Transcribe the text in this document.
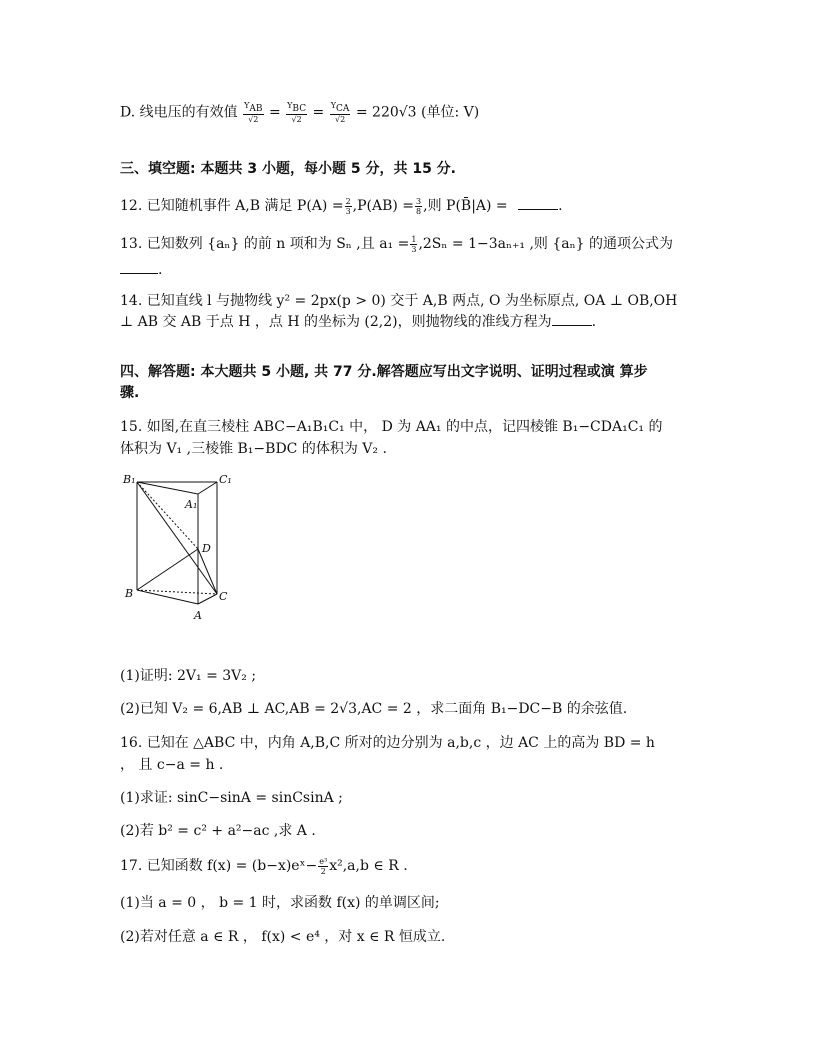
D. 线电压的有效值 $\frac{Y_{AB}}{√2} = \frac{Y_{BC}}{√2} = \frac{Y_{CA}}{√2} = 220√3$ (单位: V)
三、填空题: 本题共 3 小题，每小题 5 分，共 15 分.
12. 已知随机事件 A,B 满足 $P(A) = \frac{2}{3} ,P(AB) = \frac{3}{8}$ ,则 P(B̄|A) =	.
13. 已知数列 {aₙ} 的前 n 项和为 Sₙ ,且 $a_1 = \frac{1}{3} ,2S_n = 1-3a_{n+1}$ ,则 {aₙ} 的通项公式为
.
14. 已知直线 l 与抛物线 y² = 2px(p > 0) 交于 A,B 两点, O 为坐标原点, OA ⊥ OB,OH
⊥ AB 交 AB 于点 H ，点 H 的坐标为 (2,2)，则抛物线的准线方程为	.
四、解答题: 本大题共 5 小题, 共 77 分.解答题应写出文字说明、证明过程或演 算步
骤.
15. 如图,在直三棱柱 ABC−A₁B₁C₁ 中， D 为 AA₁ 的中点，记四棱锥 B₁−CDA₁C₁ 的
体积为 V₁ ,三棱锥 B₁−BDC 的体积为 V₂ .
B₁	C₁
A₁
D
B	C
A
(1)证明: 2V₁ = 3V₂ ;
(2)已知 V₂ = 6,AB ⊥ AC,AB = 2√3,AC = 2 ，求二面角 B₁−DC−B 的余弦值.
16. 已知在 △ABC 中，内角 A,B,C 所对的边分别为 a,b,c ，边 AC 上的高为 BD = h
， 且 c−a = h .
(1)求证: sinC−sinA = sinCsinA ;
(2)若 b² = c² + a²−ac ,求 A .
17. 已知函数 f(x) = (b−x)eˣ− $\frac{\text{e³}}{2} x^2,a,b$ ∈ R .
(1)当 a = 0 ， b = 1 时，求函数 f(x) 的单调区间;
(2)若对任意 a ∈ R ， f(x) < e⁴ ，对 x ∈ R 恒成立.
